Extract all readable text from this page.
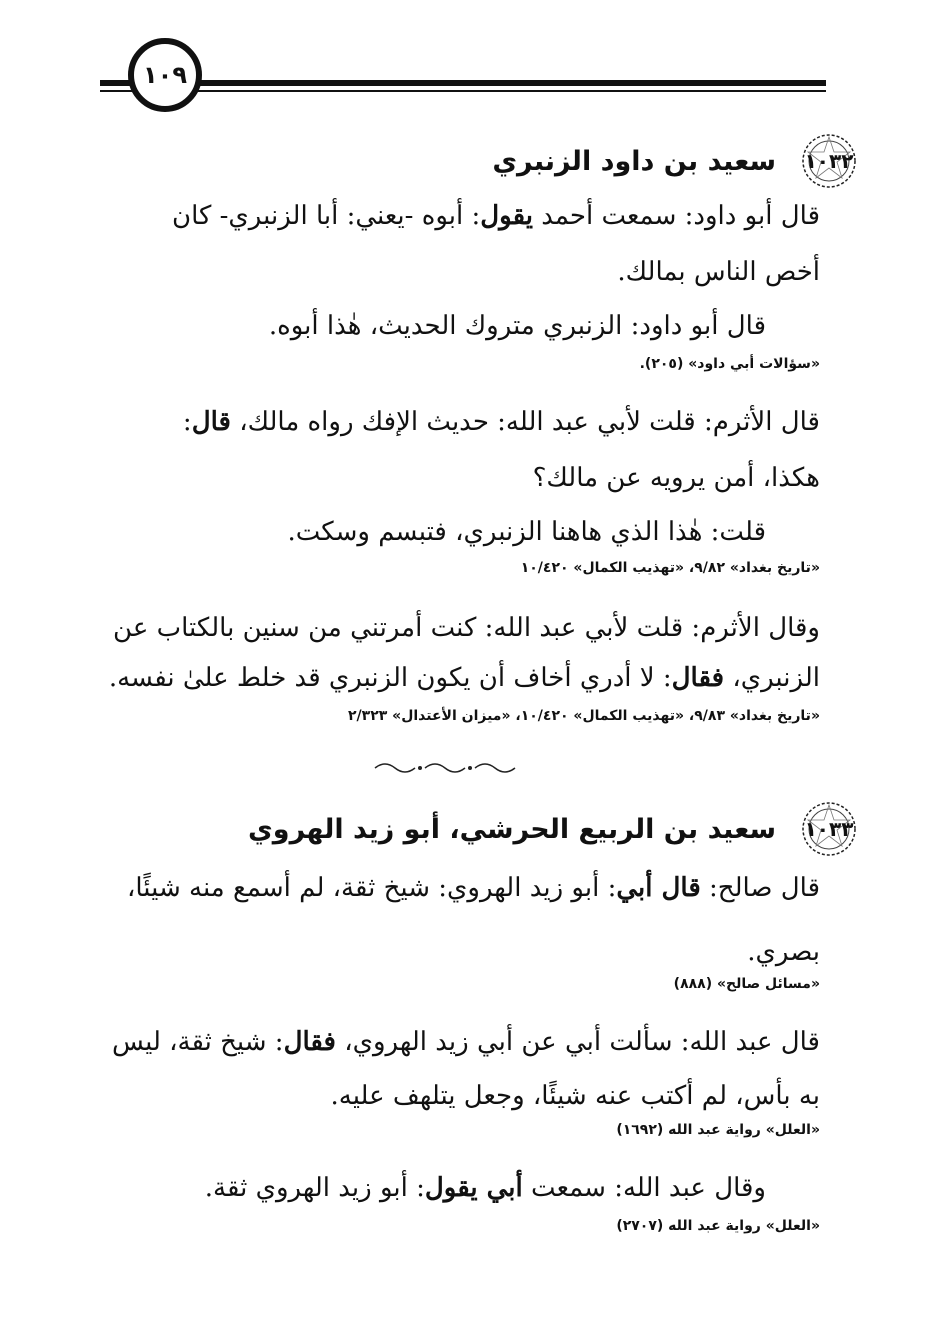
١٠٩
١٠٣٢
سعيد بن داود الزنبري
قال أبو داود: سمعت أحمد يقول: أبوه -يعني: أبا الزنبري- كان
أخص الناس بمالك.
قال أبو داود: الزنبري متروك الحديث، هٰذا أبوه.
«سؤالات أبي داود» (٢٠٥).
قال الأثرم: قلت لأبي عبد الله: حديث الإفك رواه مالك، قال:
هكذا، أمن يرويه عن مالك؟
قلت: هٰذا الذي هاهنا الزنبري، فتبسم وسكت.
«تاريخ بغداد» ٩/٨٢، «تهذيب الكمال» ١٠/٤٢٠
وقال الأثرم: قلت لأبي عبد الله: كنت أمرتني من سنين بالكتاب عن
الزنبري، فقال: لا أدري أخاف أن يكون الزنبري قد خلط علىٰ نفسه.
«تاريخ بغداد» ٩/٨٣، «تهذيب الكمال» ١٠/٤٢٠، «ميزان الأعتدال» ٢/٣٢٣
١٠٣٣
سعيد بن الربيع الحرشي، أبو زيد الهروي
قال صالح: قال أبي: أبو زيد الهروي: شيخ ثقة، لم أسمع منه شيئًا،
بصري.
«مسائل صالح» (٨٨٨)
قال عبد الله: سألت أبي عن أبي زيد الهروي، فقال: شيخ ثقة، ليس
به بأس، لم أكتب عنه شيئًا، وجعل يتلهف عليه.
«العلل» رواية عبد الله (١٦٩٢)
وقال عبد الله: سمعت أبي يقول: أبو زيد الهروي ثقة.
«العلل» رواية عبد الله (٢٧٠٧)
